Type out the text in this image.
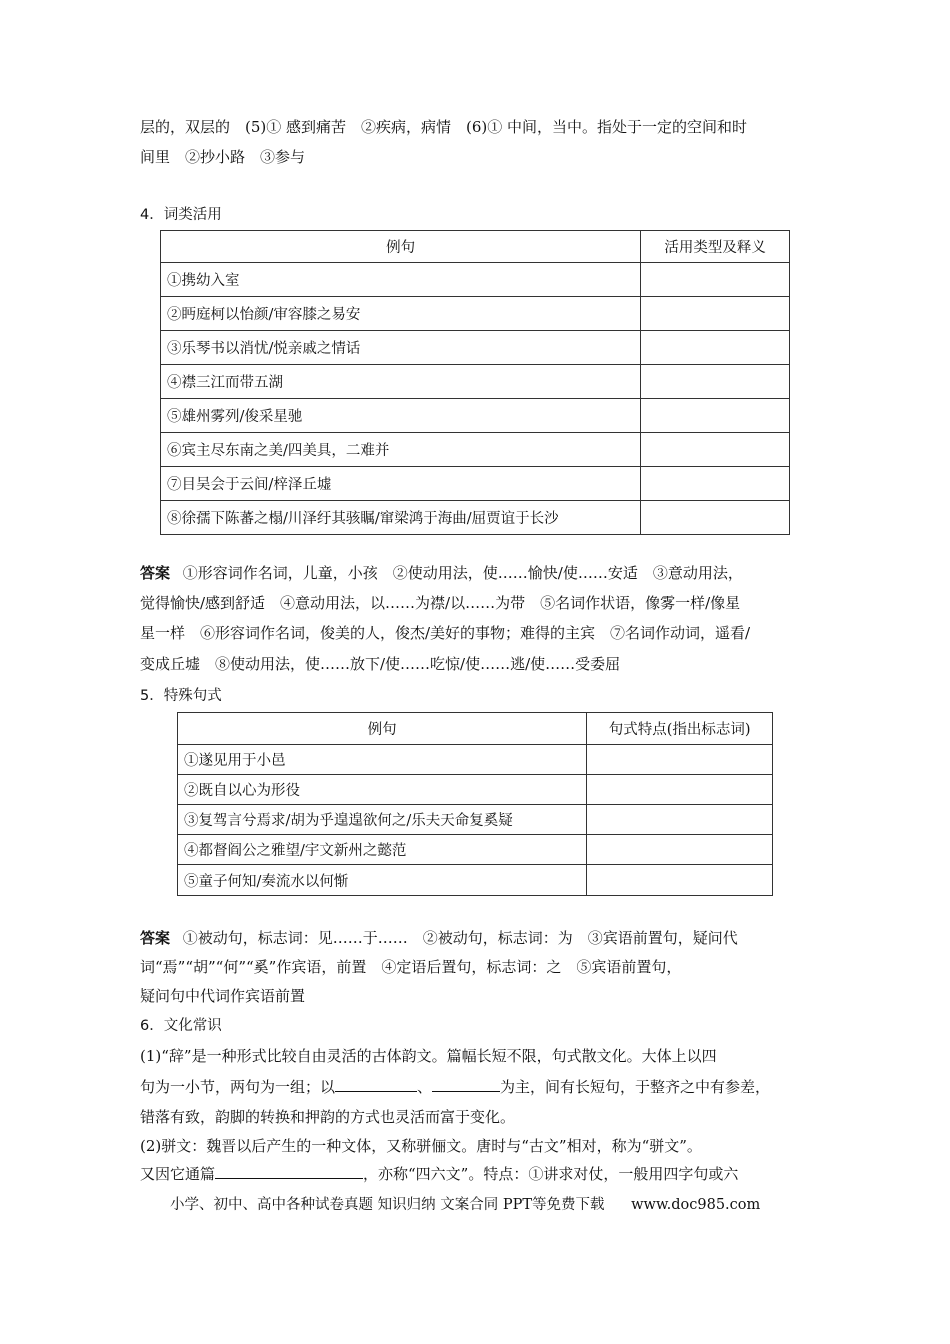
层的，双层的　(5)① 感到痛苦　②疾病，病情　(6)① 中间，当中。指处于一定的空间和时
间里　②抄小路　③参与
4．词类活用
例句	活用类型及释义
①携幼入室	
②眄庭柯以怡颜/审容膝之易安	
③乐琴书以消忧/悦亲戚之情话	
④襟三江而带五湖	
⑤雄州雾列/俊采星驰	
⑥宾主尽东南之美/四美具，二难并	
⑦目吴会于云间/梓泽丘墟	
⑧徐孺下陈蕃之榻/川泽纡其骇瞩/窜梁鸿于海曲/屈贾谊于长沙	
答案 ①形容词作名词，儿童，小孩　②使动用法，使……愉快/使……安适　③意动用法，
觉得愉快/感到舒适　④意动用法，以……为襟/以……为带　⑤名词作状语，像雾一样/像星
星一样　⑥形容词作名词，俊美的人，俊杰/美好的事物；难得的主宾　⑦名词作动词，遥看/
变成丘墟　⑧使动用法，使……放下/使……吃惊/使……逃/使……受委屈
5．特殊句式
例句	句式特点(指出标志词)
①遂见用于小邑	
②既自以心为形役	
③复驾言兮焉求/胡为乎遑遑欲何之/乐夫天命复奚疑	
④都督阎公之雅望/宇文新州之懿范	
⑤童子何知/奏流水以何惭	
答案 ①被动句，标志词：见……于……　②被动句，标志词：为　③宾语前置句，疑问代
词“焉”“胡”“何”“奚”作宾语，前置　④定语后置句，标志词：之　⑤宾语前置句，
疑问句中代词作宾语前置
6．文化常识
(1)“辞”是一种形式比较自由灵活的古体韵文。篇幅长短不限，句式散文化。大体上以四
句为一小节，两句为一组；以	、	为主，间有长短句，于整齐之中有参差，
错落有致，韵脚的转换和押韵的方式也灵活而富于变化。
(2)骈文：魏晋以后产生的一种文体，又称骈俪文。唐时与“古文”相对，称为“骈文”。
又因它通篇	，亦称“四六文”。特点：①讲求对仗，一般用四字句或六
小学、初中、高中各种试卷真题 知识归纳 文案合同 PPT等免费下载 www.doc985.com
